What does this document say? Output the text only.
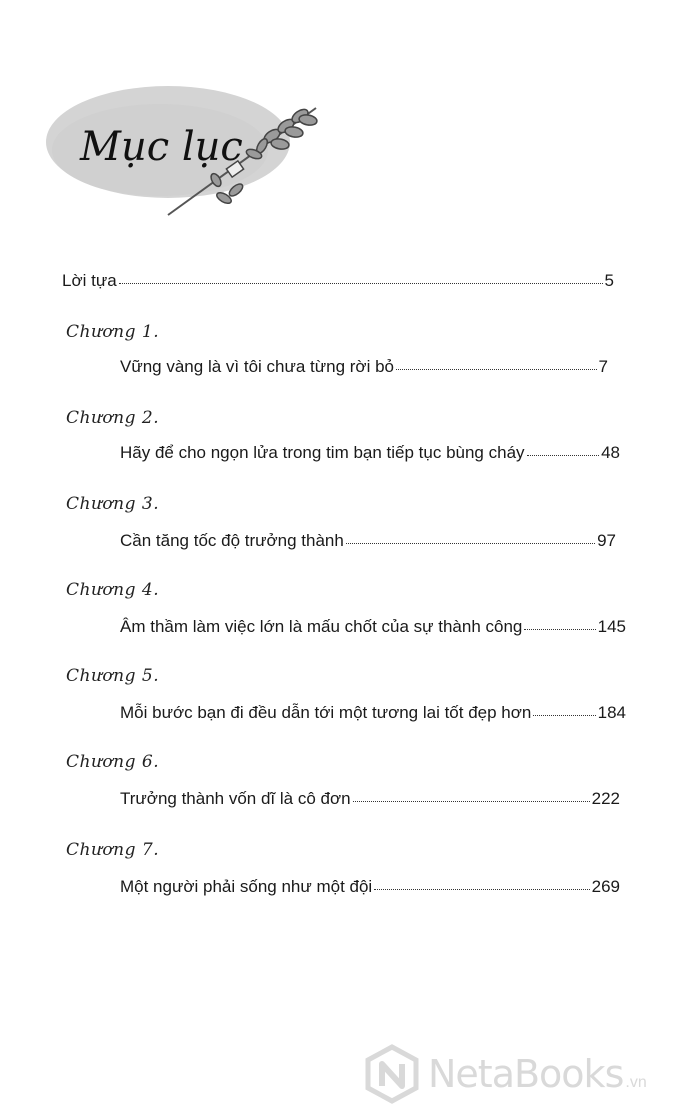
Mục lục
Lời tựa	5
Chương 1.
Vững vàng là vì tôi chưa từng rời bỏ	7
Chương 2.
Hãy để cho ngọn lửa trong tim bạn tiếp tục bùng cháy	48
Chương 3.
Cần tăng tốc độ trưởng thành	97
Chương 4.
Âm thầm làm việc lớn là mấu chốt của sự thành công	145
Chương 5.
Mỗi bước bạn đi đều dẫn tới một tương lai tốt đẹp hơn	184
Chương 6.
Trưởng thành vốn dĩ là cô đơn	222
Chương 7.
Một người phải sống như một đội	269
NetaBooks .vn
